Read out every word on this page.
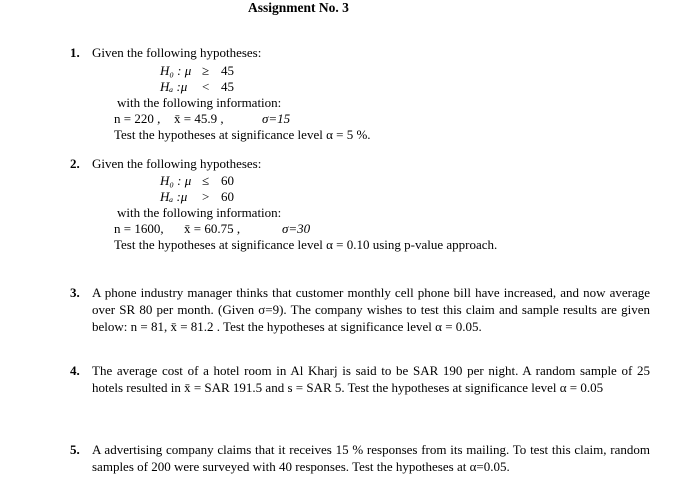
Assignment No. 3
1. Given the following hypotheses:
H₀ : μ ≥ 45
Hₐ :μ < 45
with the following information:
n = 220 , x̄ = 45.9 ,	σ=15
Test the hypotheses at significance level α = 5 %.
2. Given the following hypotheses:
H₀ : μ ≤ 60
Hₐ :μ > 60
with the following information:
n = 1600, x̄ = 60.75 ,	σ=30
Test the hypotheses at significance level α = 0.10 using p-value approach.
3. A phone industry manager thinks that customer monthly cell phone bill have increased, and now average over SR 80 per month. (Given σ=9). The company wishes to test this claim and sample results are given below: n = 81, x̄ = 81.2 . Test the hypotheses at significance level α = 0.05.
4. The average cost of a hotel room in Al Kharj is said to be SAR 190 per night. A random sample of 25 hotels resulted in x̄ = SAR 191.5 and s = SAR 5. Test the hypotheses at significance level α = 0.05
5. A advertising company claims that it receives 15 % responses from its mailing. To test this claim, random samples of 200 were surveyed with 40 responses. Test the hypotheses at α=0.05.
